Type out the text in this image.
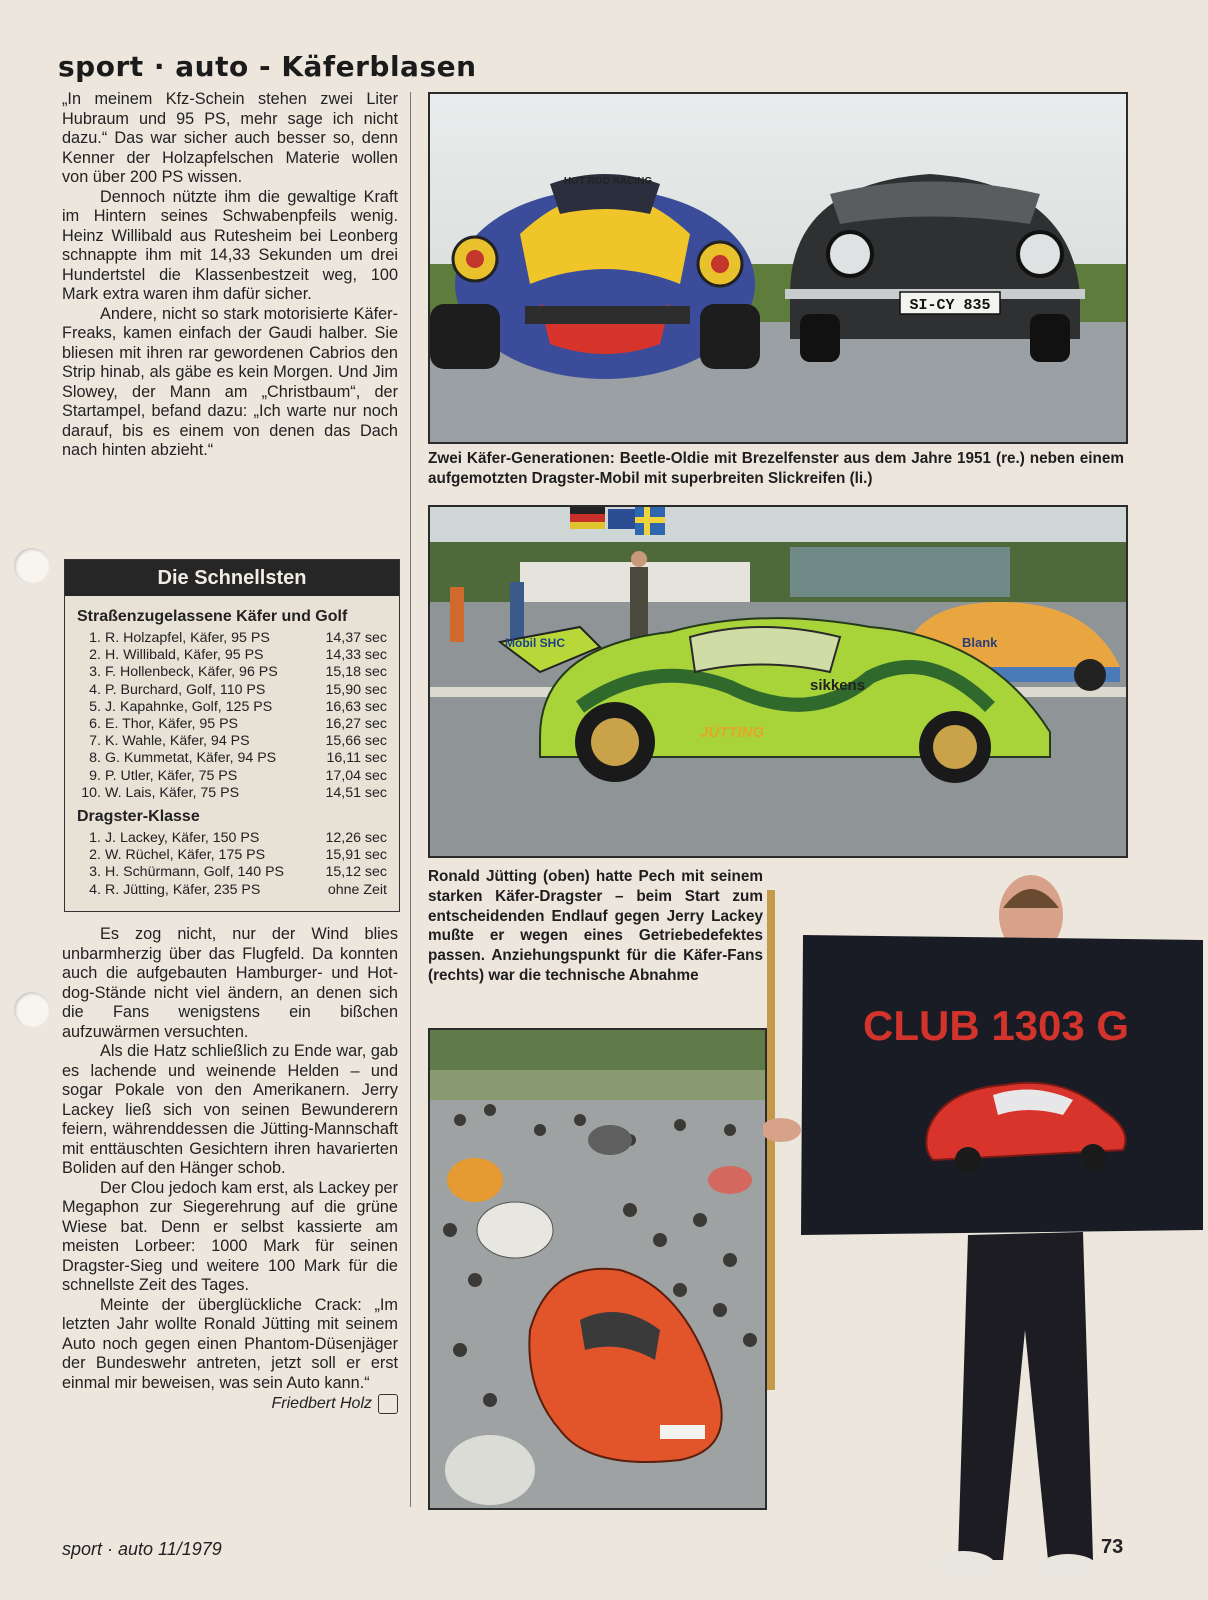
sport · auto - Käferblasen

„In meinem Kfz-Schein stehen zwei Liter Hubraum und 95 PS, mehr sage ich nicht dazu.“ Das war sicher auch besser so, denn Kenner der Holzapfelschen Materie wollen von über 200 PS wissen.

Dennoch nützte ihm die gewaltige Kraft im Hintern seines Schwabenpfeils wenig. Heinz Willibald aus Rutesheim bei Leonberg schnappte ihm mit 14,33 Sekunden um drei Hundertstel die Klassenbestzeit weg, 100 Mark extra waren ihm dafür sicher.

Andere, nicht so stark motorisierte Käfer-Freaks, kamen einfach der Gaudi halber. Sie bliesen mit ihren rar gewordenen Cabrios den Strip hinab, als gäbe es kein Morgen. Und Jim Slowey, der Mann am „Christbaum“, der Startampel, befand dazu: „Ich warte nur noch darauf, bis es einem von denen das Dach nach hinten abzieht.“

Die Schnellsten
Straßenzugelassene Käfer und Golf
1. R. Holzapfel, Käfer, 95 PS	14,37 sec
2. H. Willibald, Käfer, 95 PS	14,33 sec
3. F. Hollenbeck, Käfer, 96 PS	15,18 sec
4. P. Burchard, Golf, 110 PS	15,90 sec
5. J. Kapahnke, Golf, 125 PS	16,63 sec
6. E. Thor, Käfer, 95 PS	16,27 sec
7. K. Wahle, Käfer, 94 PS	15,66 sec
8. G. Kummetat, Käfer, 94 PS	16,11 sec
9. P. Utler, Käfer, 75 PS	17,04 sec
10. W. Lais, Käfer, 75 PS	14,51 sec
Dragster-Klasse
1. J. Lackey, Käfer, 150 PS	12,26 sec
2. W. Rüchel, Käfer, 175 PS	15,91 sec
3. H. Schürmann, Golf, 140 PS	15,12 sec
4. R. Jütting, Käfer, 235 PS	ohne Zeit

Es zog nicht, nur der Wind blies unbarmherzig über das Flugfeld. Da konnten auch die aufgebauten Hamburger- und Hot-dog-Stände nicht viel ändern, an denen sich die Fans wenigstens ein bißchen aufzuwärmen versuchten.

Als die Hatz schließlich zu Ende war, gab es lachende und weinende Helden – und sogar Pokale von den Amerikanern. Jerry Lackey ließ sich von seinen Bewunderern feiern, währenddessen die Jütting-Mannschaft mit enttäuschten Gesichtern ihren havarierten Boliden auf den Hänger schob.

Der Clou jedoch kam erst, als Lackey per Megaphon zur Siegerehrung auf die grüne Wiese bat. Denn er selbst kassierte am meisten Lorbeer: 1000 Mark für seinen Dragster-Sieg und weitere 100 Mark für die schnellste Zeit des Tages.

Meinte der überglückliche Crack: „Im letzten Jahr wollte Ronald Jütting mit seinem Auto noch gegen einen Phantom-Düsenjäger der Bundeswehr antreten, jetzt soll er erst einmal mir beweisen, was sein Auto kann.“

Friedbert Holz
HOT ROD RACING
SI-CY 835
Zwei Käfer-Generationen: Beetle-Oldie mit Brezelfenster aus dem Jahre 1951 (re.) neben einem aufgemotzten Dragster-Mobil mit superbreiten Slickreifen (li.)
Blank
Mobil SHC
sikkens
JÜTTING
Ronald Jütting (oben) hatte Pech mit seinem starken Käfer-Dragster – beim Start zum entscheidenden Endlauf gegen Jerry Lackey mußte er wegen eines Getriebedefektes passen. Anziehungspunkt für die Käfer-Fans (rechts) war die technische Abnahme
CLUB 1303 G
sport · auto 11/1979	73
